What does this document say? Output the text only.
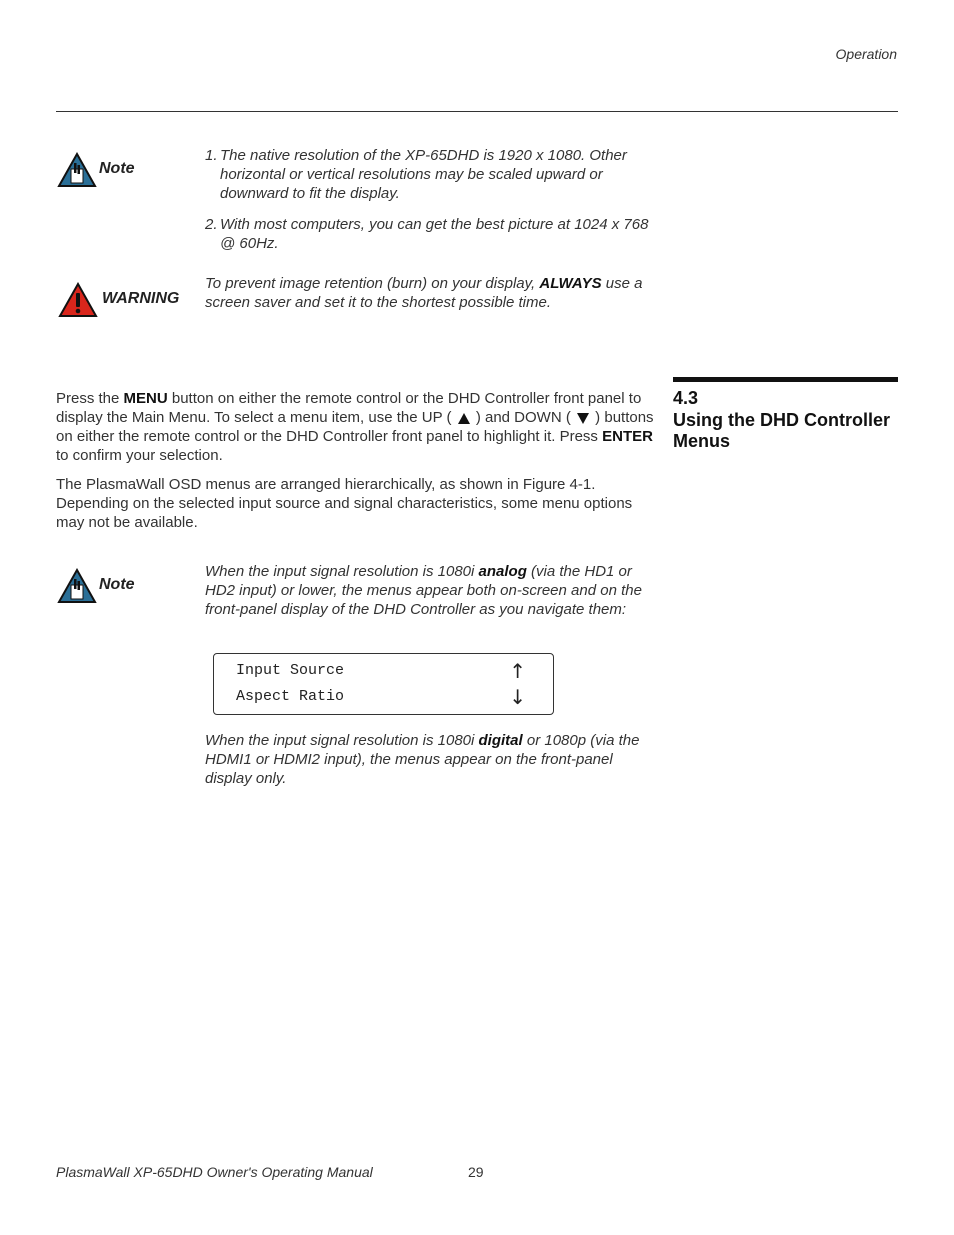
Operation
Note
1. The native resolution of the XP-65DHD is 1920 x 1080. Other horizontal or vertical resolutions may be scaled upward or downward to fit the display.
2. With most computers, you can get the best picture at 1024 x 768 @ 60Hz.
WARNING
To prevent image retention (burn) on your display, ALWAYS use a screen saver and set it to the shortest possible time.
4.3
Using the DHD Controller Menus
Press the MENU button on either the remote control or the DHD Controller front panel to display the Main Menu. To select a menu item, use the UP (  ) and DOWN (  ) buttons on either the remote control or the DHD Controller front panel to highlight it. Press ENTER to confirm your selection.
The PlasmaWall OSD menus are arranged hierarchically, as shown in Figure 4-1. Depending on the selected input source and signal characteristics, some menu options may not be available.
Note
When the input signal resolution is 1080i analog (via the HD1 or HD2 input) or lower, the menus appear both on-screen and on the front-panel display of the DHD Controller as you navigate them:
Input Source	↑
Aspect Ratio	↓
When the input signal resolution is 1080i digital or 1080p (via the HDMI1 or HDMI2 input), the menus appear on the front-panel display only.
PlasmaWall XP-65DHD Owner's Operating Manual	29
